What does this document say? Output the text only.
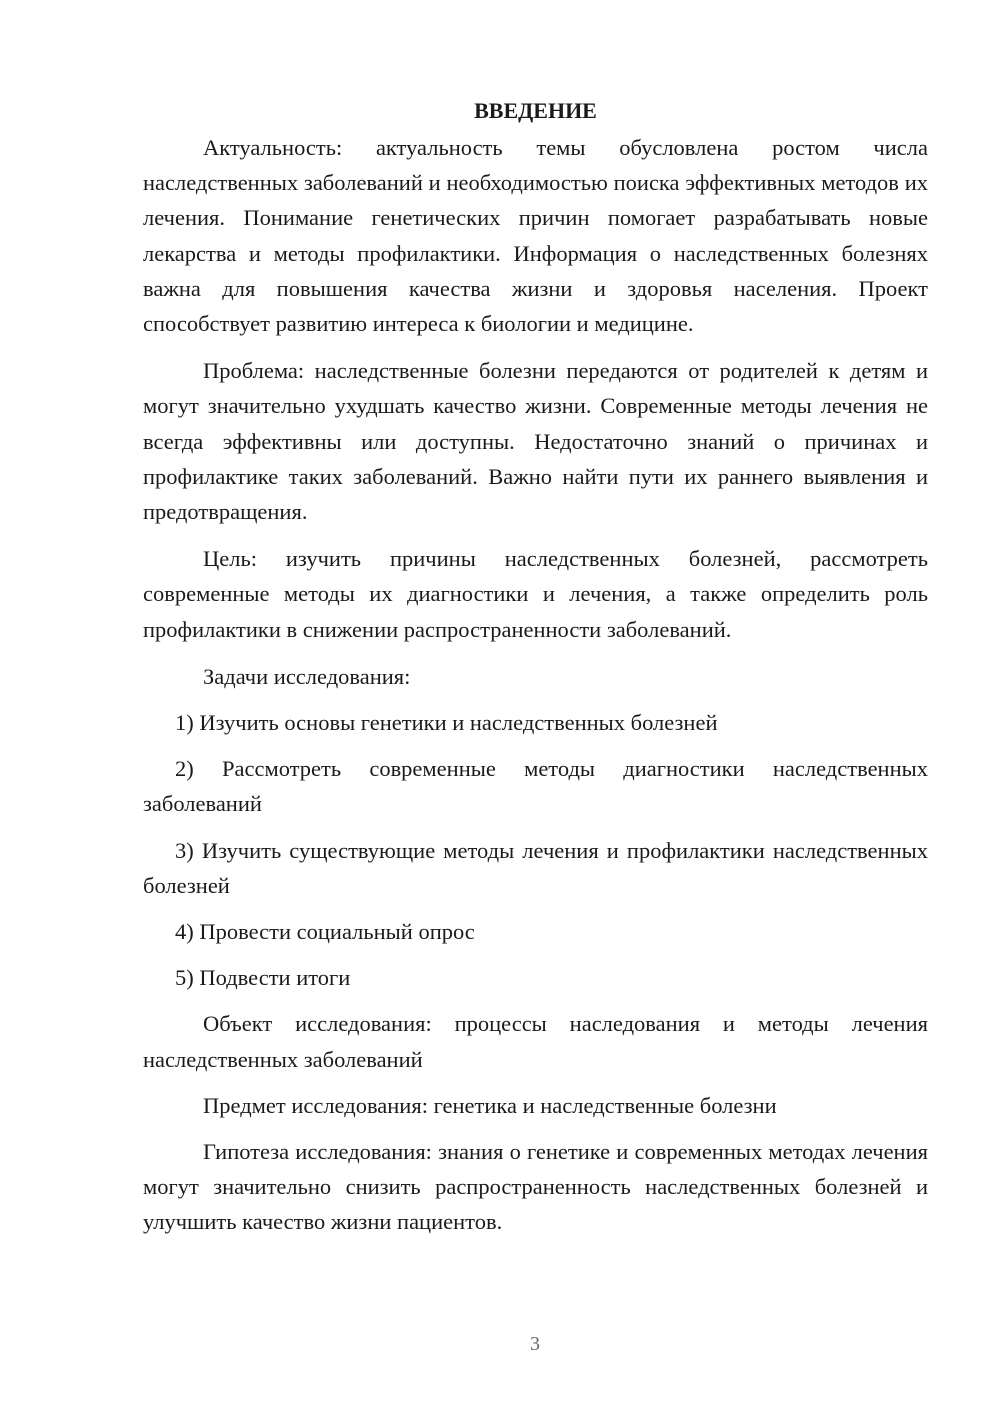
ВВЕДЕНИЕ

Актуальность: актуальность темы обусловлена ростом числа наследственных заболеваний и необходимостью поиска эффективных методов их лечения. Понимание генетических причин помогает разрабатывать новые лекарства и методы профилактики. Информация о наследственных болезнях важна для повышения качества жизни и здоровья населения. Проект способствует развитию интереса к биологии и медицине.

Проблема: наследственные болезни передаются от родителей к детям и могут значительно ухудшать качество жизни. Современные методы лечения не всегда эффективны или доступны. Недостаточно знаний о причинах и профилактике таких заболеваний. Важно найти пути их раннего выявления и предотвращения.

Цель: изучить причины наследственных болезней, рассмотреть современные методы их диагностики и лечения, а также определить роль профилактики в снижении распространенности заболеваний.

Задачи исследования:

1) Изучить основы генетики и наследственных болезней

2) Рассмотреть современные методы диагностики наследственных заболеваний

3) Изучить существующие методы лечения и профилактики наследственных болезней

4) Провести социальный опрос

5) Подвести итоги

Объект исследования: процессы наследования и методы лечения наследственных заболеваний

Предмет исследования: генетика и наследственные болезни

Гипотеза исследования: знания о генетике и современных методах лечения могут значительно снизить распространенность наследственных болезней и улучшить качество жизни пациентов.

3
